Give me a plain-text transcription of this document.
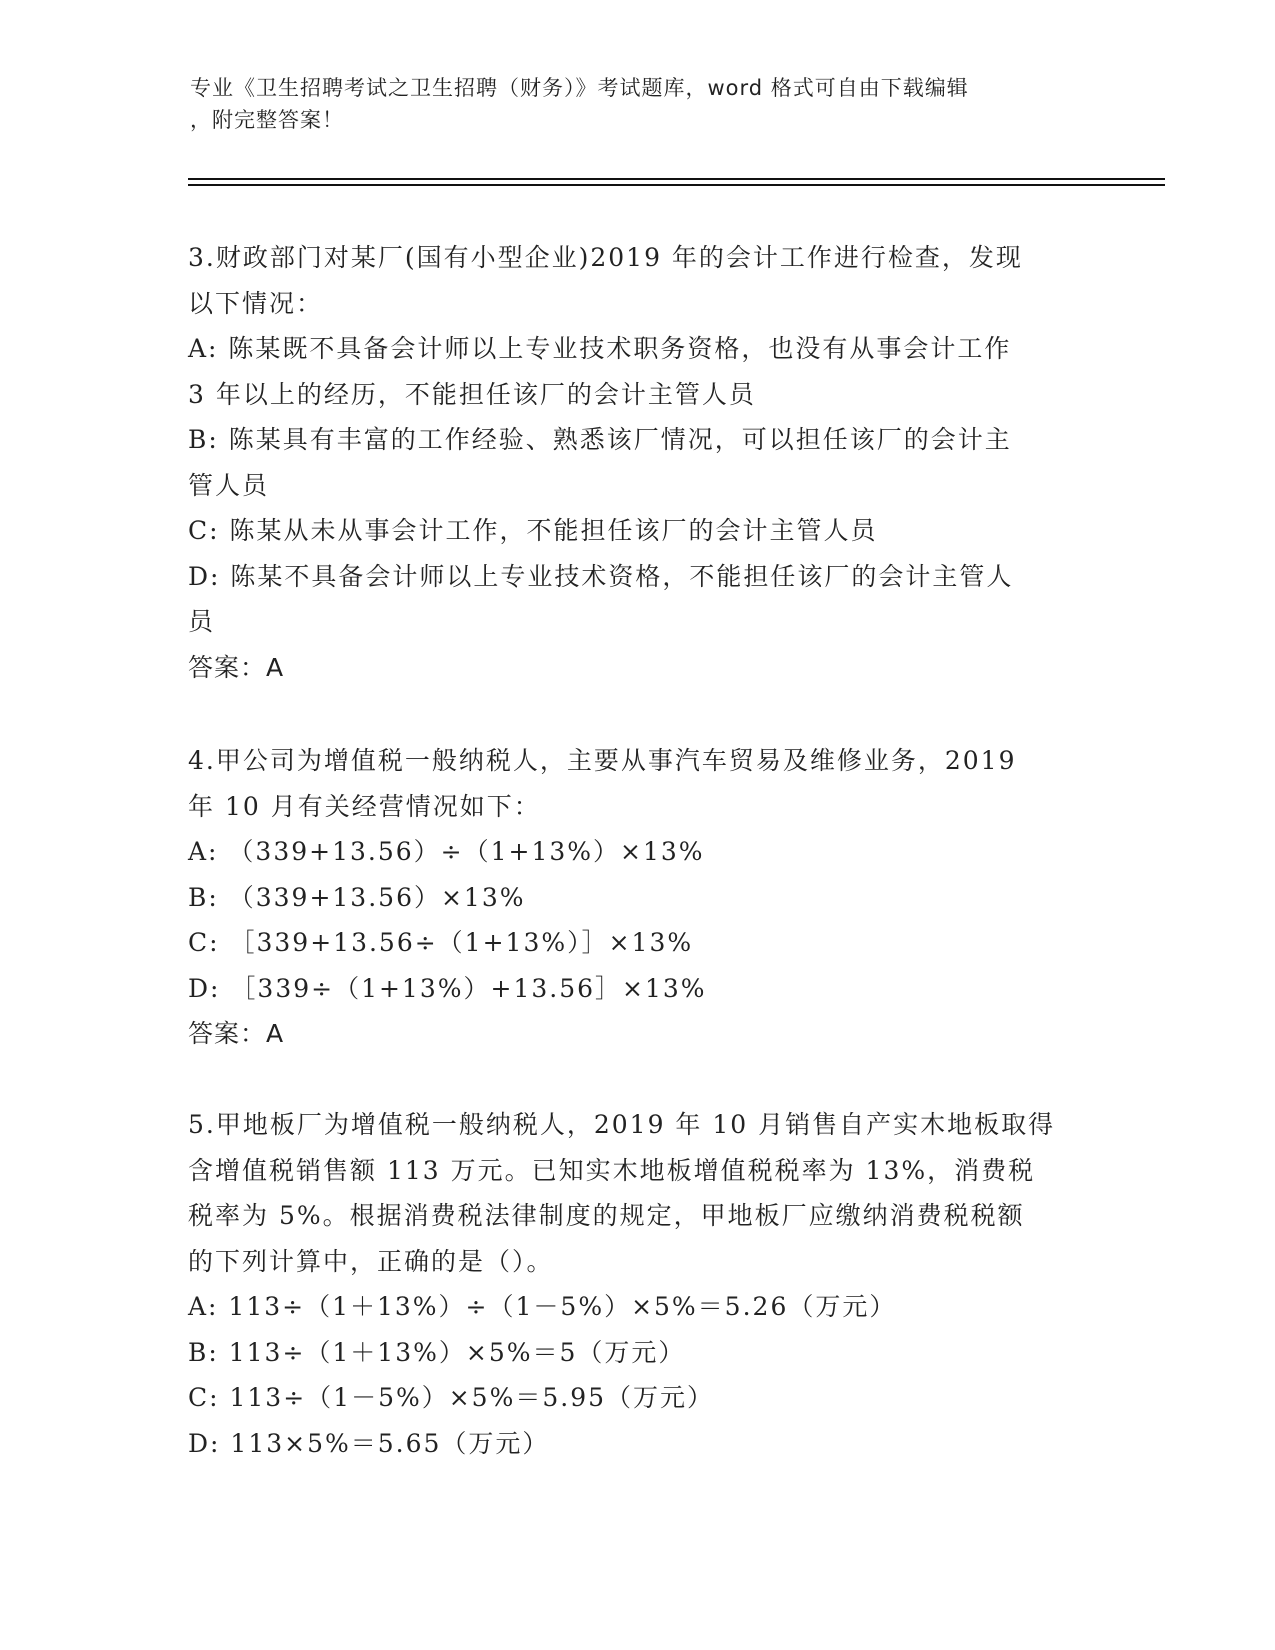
专业《卫生招聘考试之卫生招聘（财务）》考试题库，word 格式可自由下载编辑
，附完整答案！
3.财政部门对某厂(国有小型企业)2019 年的会计工作进行检查，发现
以下情况：
A: 陈某既不具备会计师以上专业技术职务资格，也没有从事会计工作
3 年以上的经历，不能担任该厂的会计主管人员
B: 陈某具有丰富的工作经验、熟悉该厂情况，可以担任该厂的会计主
管人员
C: 陈某从未从事会计工作，不能担任该厂的会计主管人员
D: 陈某不具备会计师以上专业技术资格，不能担任该厂的会计主管人
员
答案：A
4.甲公司为增值税一般纳税人，主要从事汽车贸易及维修业务，2019
年 10 月有关经营情况如下：
A: （339+13.56）÷（1+13%）×13%
B: （339+13.56）×13%
C: ［339+13.56÷（1+13%）］×13%
D: ［339÷（1+13%）+13.56］×13%
答案：A
5.甲地板厂为增值税一般纳税人，2019 年 10 月销售自产实木地板取得
含增值税销售额 113 万元。已知实木地板增值税税率为 13%，消费税
税率为 5%。根据消费税法律制度的规定，甲地板厂应缴纳消费税税额
的下列计算中，正确的是（）。
A: 113÷（1＋13%）÷（1－5%）×5%＝5.26（万元）
B: 113÷（1＋13%）×5%＝5（万元）
C: 113÷（1－5%）×5%＝5.95（万元）
D: 113×5%＝5.65（万元）
